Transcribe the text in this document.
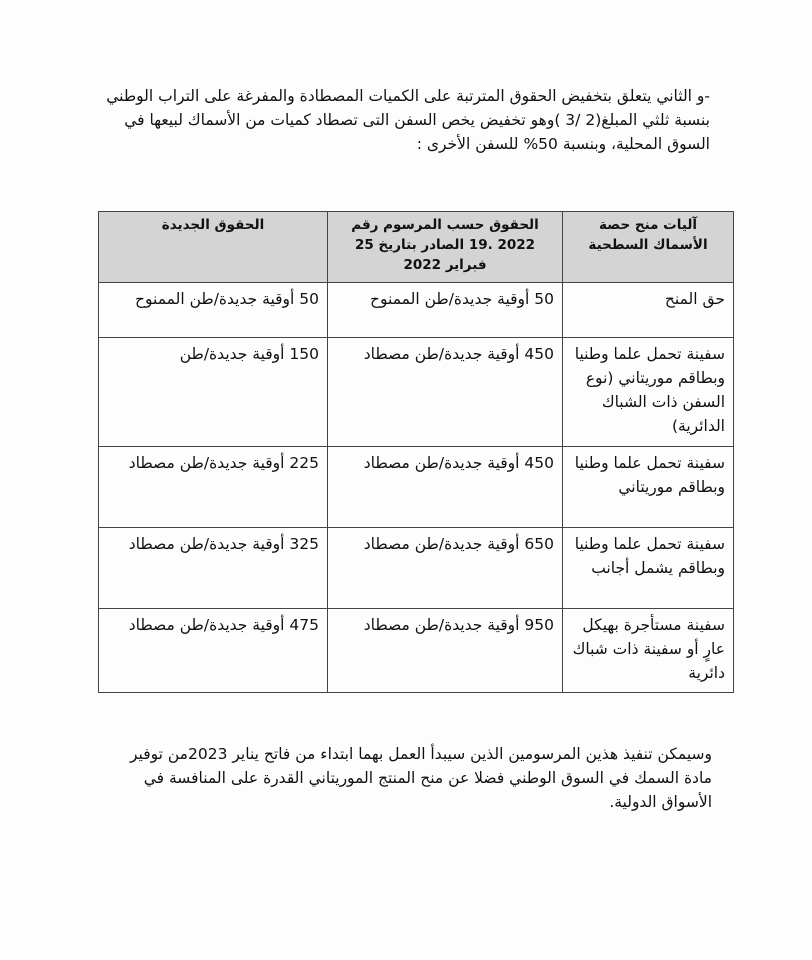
-و الثاني يتعلق بتخفيض الحقوق المترتبة على الكميات المصطادة والمفرغة على التراب الوطني

بنسبة ثلثي المبلغ(2 /3 )وهو تخفيض يخص السفن التى تصطاد كميات من الأسماك لبيعها في السوق المحلية، وبنسبة 50% للسفن الأخرى :

آليات منح حصة الأسماك السطحية	الحقوق حسب المرسوم رقم 2022 .19 الصادر بتاريخ 25 فبراير 2022	الحقوق الجديدة
حق المنح	50 أوقية جديدة/طن الممنوح	50 أوقية جديدة/طن الممنوح
سفينة تحمل علما وطنيا وبطاقم موريتاني (نوع السفن ذات الشباك الدائرية)	450 أوقية جديدة/طن مصطاد	150 أوقية جديدة/طن
سفينة تحمل علما وطنيا وبطاقم موريتاني	450 أوقية جديدة/طن مصطاد	225 أوقية جديدة/طن مصطاد
سفينة تحمل علما وطنيا وبطاقم يشمل أجانب	650 أوقية جديدة/طن مصطاد	325 أوقية جديدة/طن مصطاد
سفينة مستأجرة بهيكل عارٍ أو سفينة ذات شباك دائرية	950 أوقية جديدة/طن مصطاد	475 أوقية جديدة/طن مصطاد

وسيمكن تنفيذ هذين المرسومين الذين سيبدأ العمل بهما ابتداء من فاتح يناير 2023من توفير مادة السمك في السوق الوطني فضلا عن منح المنتج الموريتاني القدرة على المنافسة في الأسواق الدولية.
